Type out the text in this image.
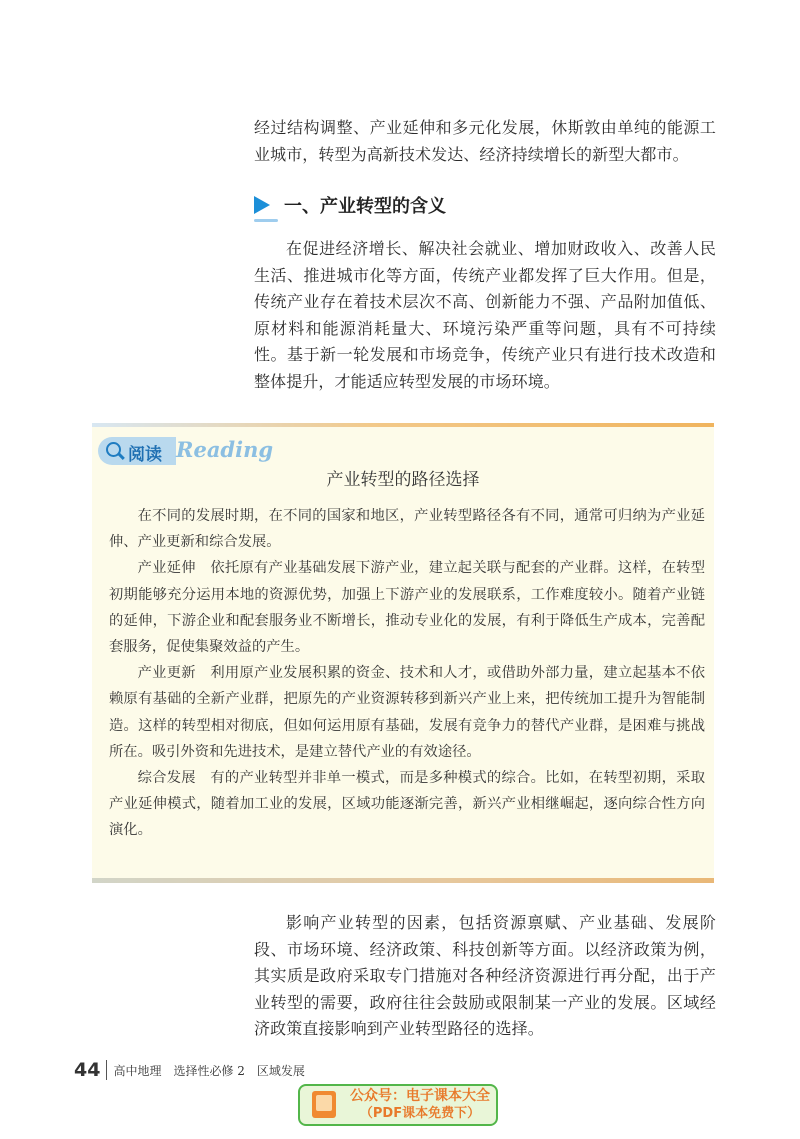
经过结构调整、产业延伸和多元化发展，休斯敦由单纯的能源工业城市，转型为高新技术发达、经济持续增长的新型大都市。

一、产业转型的含义

在促进经济增长、解决社会就业、增加财政收入、改善人民生活、推进城市化等方面，传统产业都发挥了巨大作用。但是，传统产业存在着技术层次不高、创新能力不强、产品附加值低、原材料和能源消耗量大、环境污染严重等问题，具有不可持续性。基于新一轮发展和市场竞争，传统产业只有进行技术改造和整体提升，才能适应转型发展的市场环境。

阅读 Reading
产业转型的路径选择

在不同的发展时期，在不同的国家和地区，产业转型路径各有不同，通常可归纳为产业延伸、产业更新和综合发展。

产业延伸　依托原有产业基础发展下游产业，建立起关联与配套的产业群。这样，在转型初期能够充分运用本地的资源优势，加强上下游产业的发展联系，工作难度较小。随着产业链的延伸，下游企业和配套服务业不断增长，推动专业化的发展，有利于降低生产成本，完善配套服务，促使集聚效益的产生。

产业更新　利用原产业发展积累的资金、技术和人才，或借助外部力量，建立起基本不依赖原有基础的全新产业群，把原先的产业资源转移到新兴产业上来，把传统加工提升为智能制造。这样的转型相对彻底，但如何运用原有基础，发展有竞争力的替代产业群，是困难与挑战所在。吸引外资和先进技术，是建立替代产业的有效途径。

综合发展　有的产业转型并非单一模式，而是多种模式的综合。比如，在转型初期，采取产业延伸模式，随着加工业的发展，区域功能逐渐完善，新兴产业相继崛起，逐向综合性方向演化。

影响产业转型的因素，包括资源禀赋、产业基础、发展阶段、市场环境、经济政策、科技创新等方面。以经济政策为例，其实质是政府采取专门措施对各种经济资源进行再分配，出于产业转型的需要，政府往往会鼓励或限制某一产业的发展。区域经济政策直接影响到产业转型路径的选择。

44 高中地理　选择性必修 2　区域发展
公众号：电子课本大全
（PDF课本免费下）
